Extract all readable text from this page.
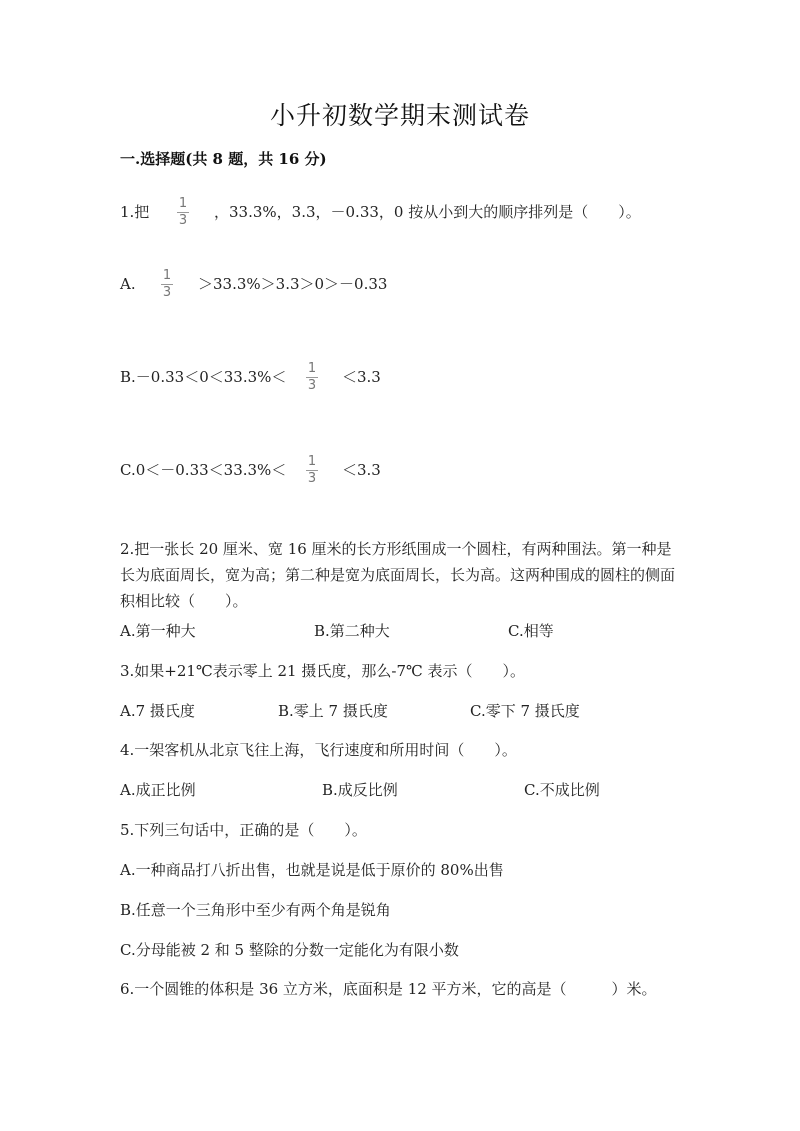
小升初数学期末测试卷
一.选择题(共 8 题，共 16 分)
1.把 1
3 ，33.3%，3.3，－0.33，0 按从小到大的顺序排列是（　　）。
A. 1
3 ＞33.3%＞3.3＞0＞－0.33
B.－0.33＜0＜33.3%＜ 1
3 ＜3.3
C.0＜－0.33＜33.3%＜ 1
3 ＜3.3
2.把一张长 20 厘米、宽 16 厘米的长方形纸围成一个圆柱，有两种围法。第一种是长为底面周长，宽为高；第二种是宽为底面周长，长为高。这两种围成的圆柱的侧面积相比较（　　）。
A.第一种大	B.第二种大	C.相等
3.如果+21℃表示零上 21 摄氏度，那么-7℃ 表示（　　）。
A.7 摄氏度	B.零上 7 摄氏度	C.零下 7 摄氏度
4.一架客机从北京飞往上海，飞行速度和所用时间（　　）。
A.成正比例	B.成反比例	C.不成比例
5.下列三句话中，正确的是（　　）。
A.一种商品打八折出售，也就是说是低于原价的 80%出售
B.任意一个三角形中至少有两个角是锐角
C.分母能被 2 和 5 整除的分数一定能化为有限小数
6.一个圆锥的体积是 36 立方米，底面积是 12 平方米，它的高是（　　　）米。
